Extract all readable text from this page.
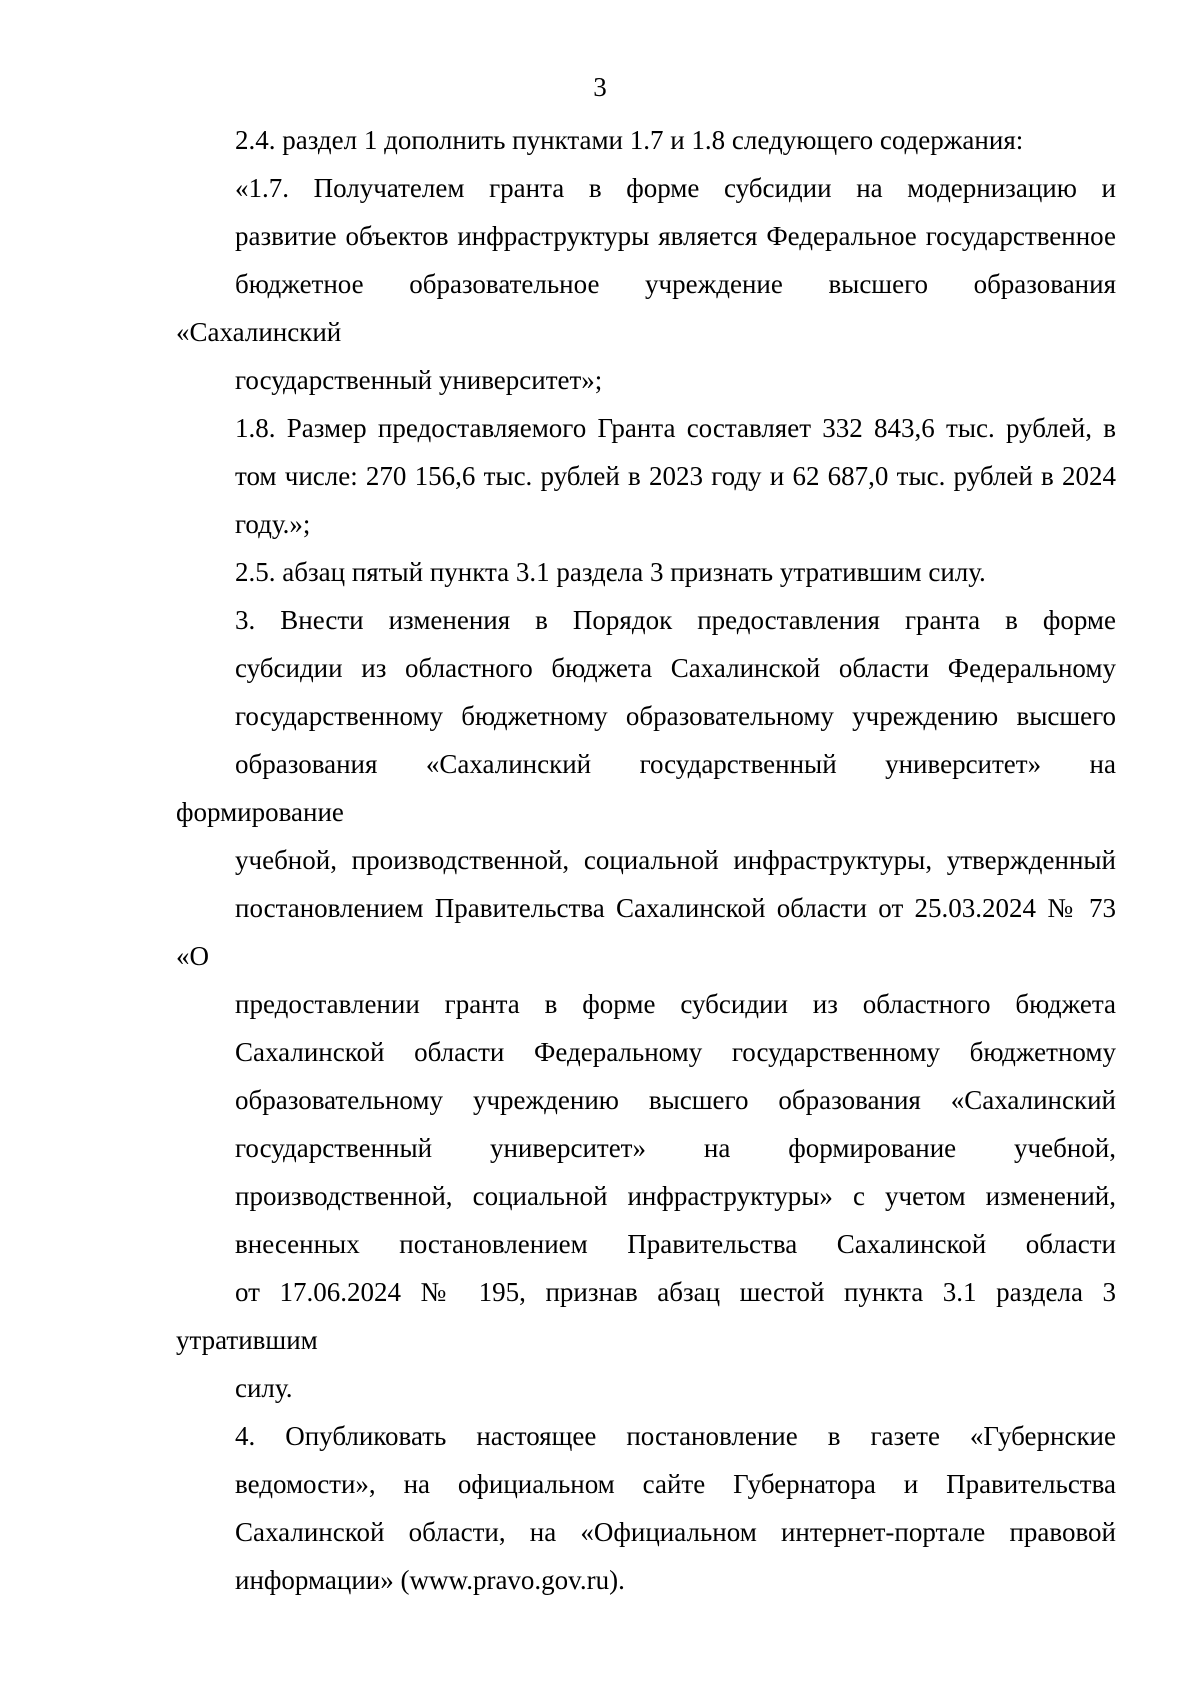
3
2.4. раздел 1 дополнить пунктами 1.7 и 1.8 следующего содержания:
«1.7. Получателем гранта в форме субсидии на модернизацию и
развитие объектов инфраструктуры является Федеральное государственное
бюджетное образовательное учреждение высшего образования «Сахалинский
государственный университет»;
1.8. Размер предоставляемого Гранта составляет 332 843,6 тыс. рублей, в
том числе: 270 156,6 тыс. рублей в 2023 году и 62 687,0 тыс. рублей в 2024
году.»;
2.5. абзац пятый пункта 3.1 раздела 3 признать утратившим силу.
3. Внести изменения в Порядок предоставления гранта в форме
субсидии из областного бюджета Сахалинской области Федеральному
государственному бюджетному образовательному учреждению высшего
образования «Сахалинский государственный университет» на формирование
учебной, производственной, социальной инфраструктуры, утвержденный
постановлением Правительства Сахалинской области от 25.03.2024 № 73 «О
предоставлении гранта в форме субсидии из областного бюджета
Сахалинской области Федеральному государственному бюджетному
образовательному учреждению высшего образования «Сахалинский
государственный университет» на формирование учебной,
производственной, социальной инфраструктуры» с учетом изменений,
внесенных постановлением Правительства Сахалинской области
от 17.06.2024 № 195, признав абзац шестой пункта 3.1 раздела 3 утратившим
силу.
4. Опубликовать настоящее постановление в газете «Губернские
ведомости», на официальном сайте Губернатора и Правительства
Сахалинской области, на «Официальном интернет-портале правовой
информации» (www.pravo.gov.ru).
